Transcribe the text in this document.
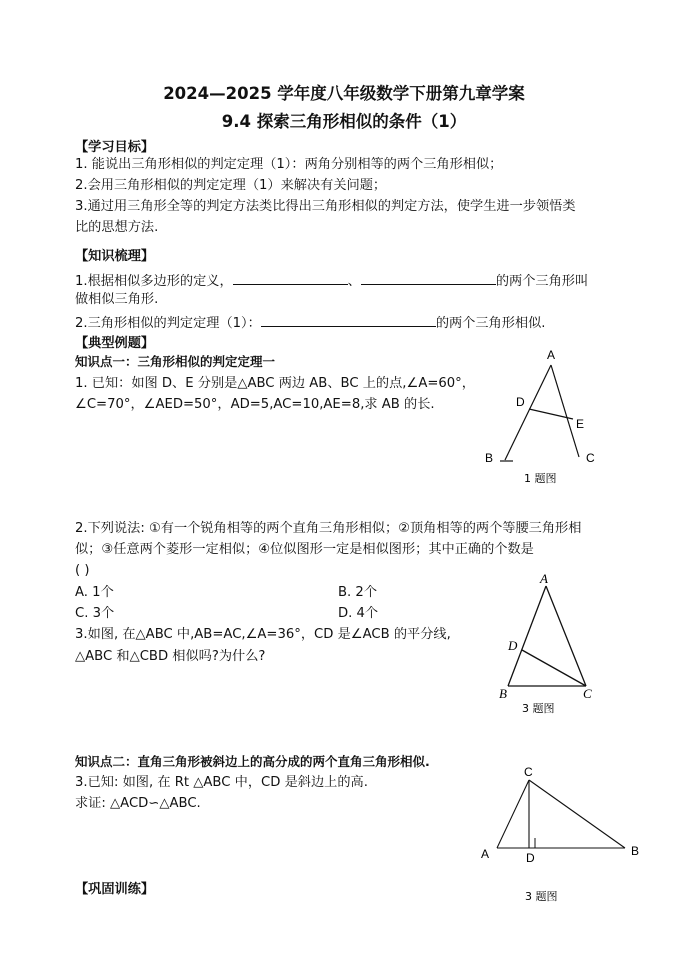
2024—2025 学年度八年级数学下册第九章学案
9.4 探索三角形相似的条件（1）
【学习目标】
1. 能说出三角形相似的判定定理（1）：两角分别相等的两个三角形相似；
2.会用三角形相似的判定定理（1）来解决有关问题；
3.通过用三角形全等的判定方法类比得出三角形相似的判定方法，使学生进一步领悟类
比的思想方法.
【知识梳理】
1.根据相似多边形的定义，	、	的两个三角形叫
做相似三角形.
2.三角形相似的判定定理（1）：	的两个三角形相似.
【典型例题】
知识点一：三角形相似的判定定理一
1. 已知：如图 D、E 分别是△ABC 两边 AB、BC 上的点,∠A=60°，
∠C=70°，∠AED=50°，AD=5,AC=10,AE=8,求 AB 的长.
A
D
E
B	C
1 题图
2.下列说法: ①有一个锐角相等的两个直角三角形相似；②顶角相等的两个等腰三角形相
似；③任意两个菱形一定相似；④位似图形一定是相似图形；其中正确的个数是
( )
A. 1个	B. 2个
C. 3个	D. 4个
3.如图, 在△ABC 中,AB=AC,∠A=36°，CD 是∠ACB 的平分线,
△ABC 和△CBD 相似吗?为什么?
A
D
B	C
3 题图
知识点二：直角三角形被斜边上的高分成的两个直角三角形相似.
3.已知: 如图, 在 Rt △ABC 中，CD 是斜边上的高.
求证: △ACD∽△ABC.
C
A	D	B
3 题图
【巩固训练】
